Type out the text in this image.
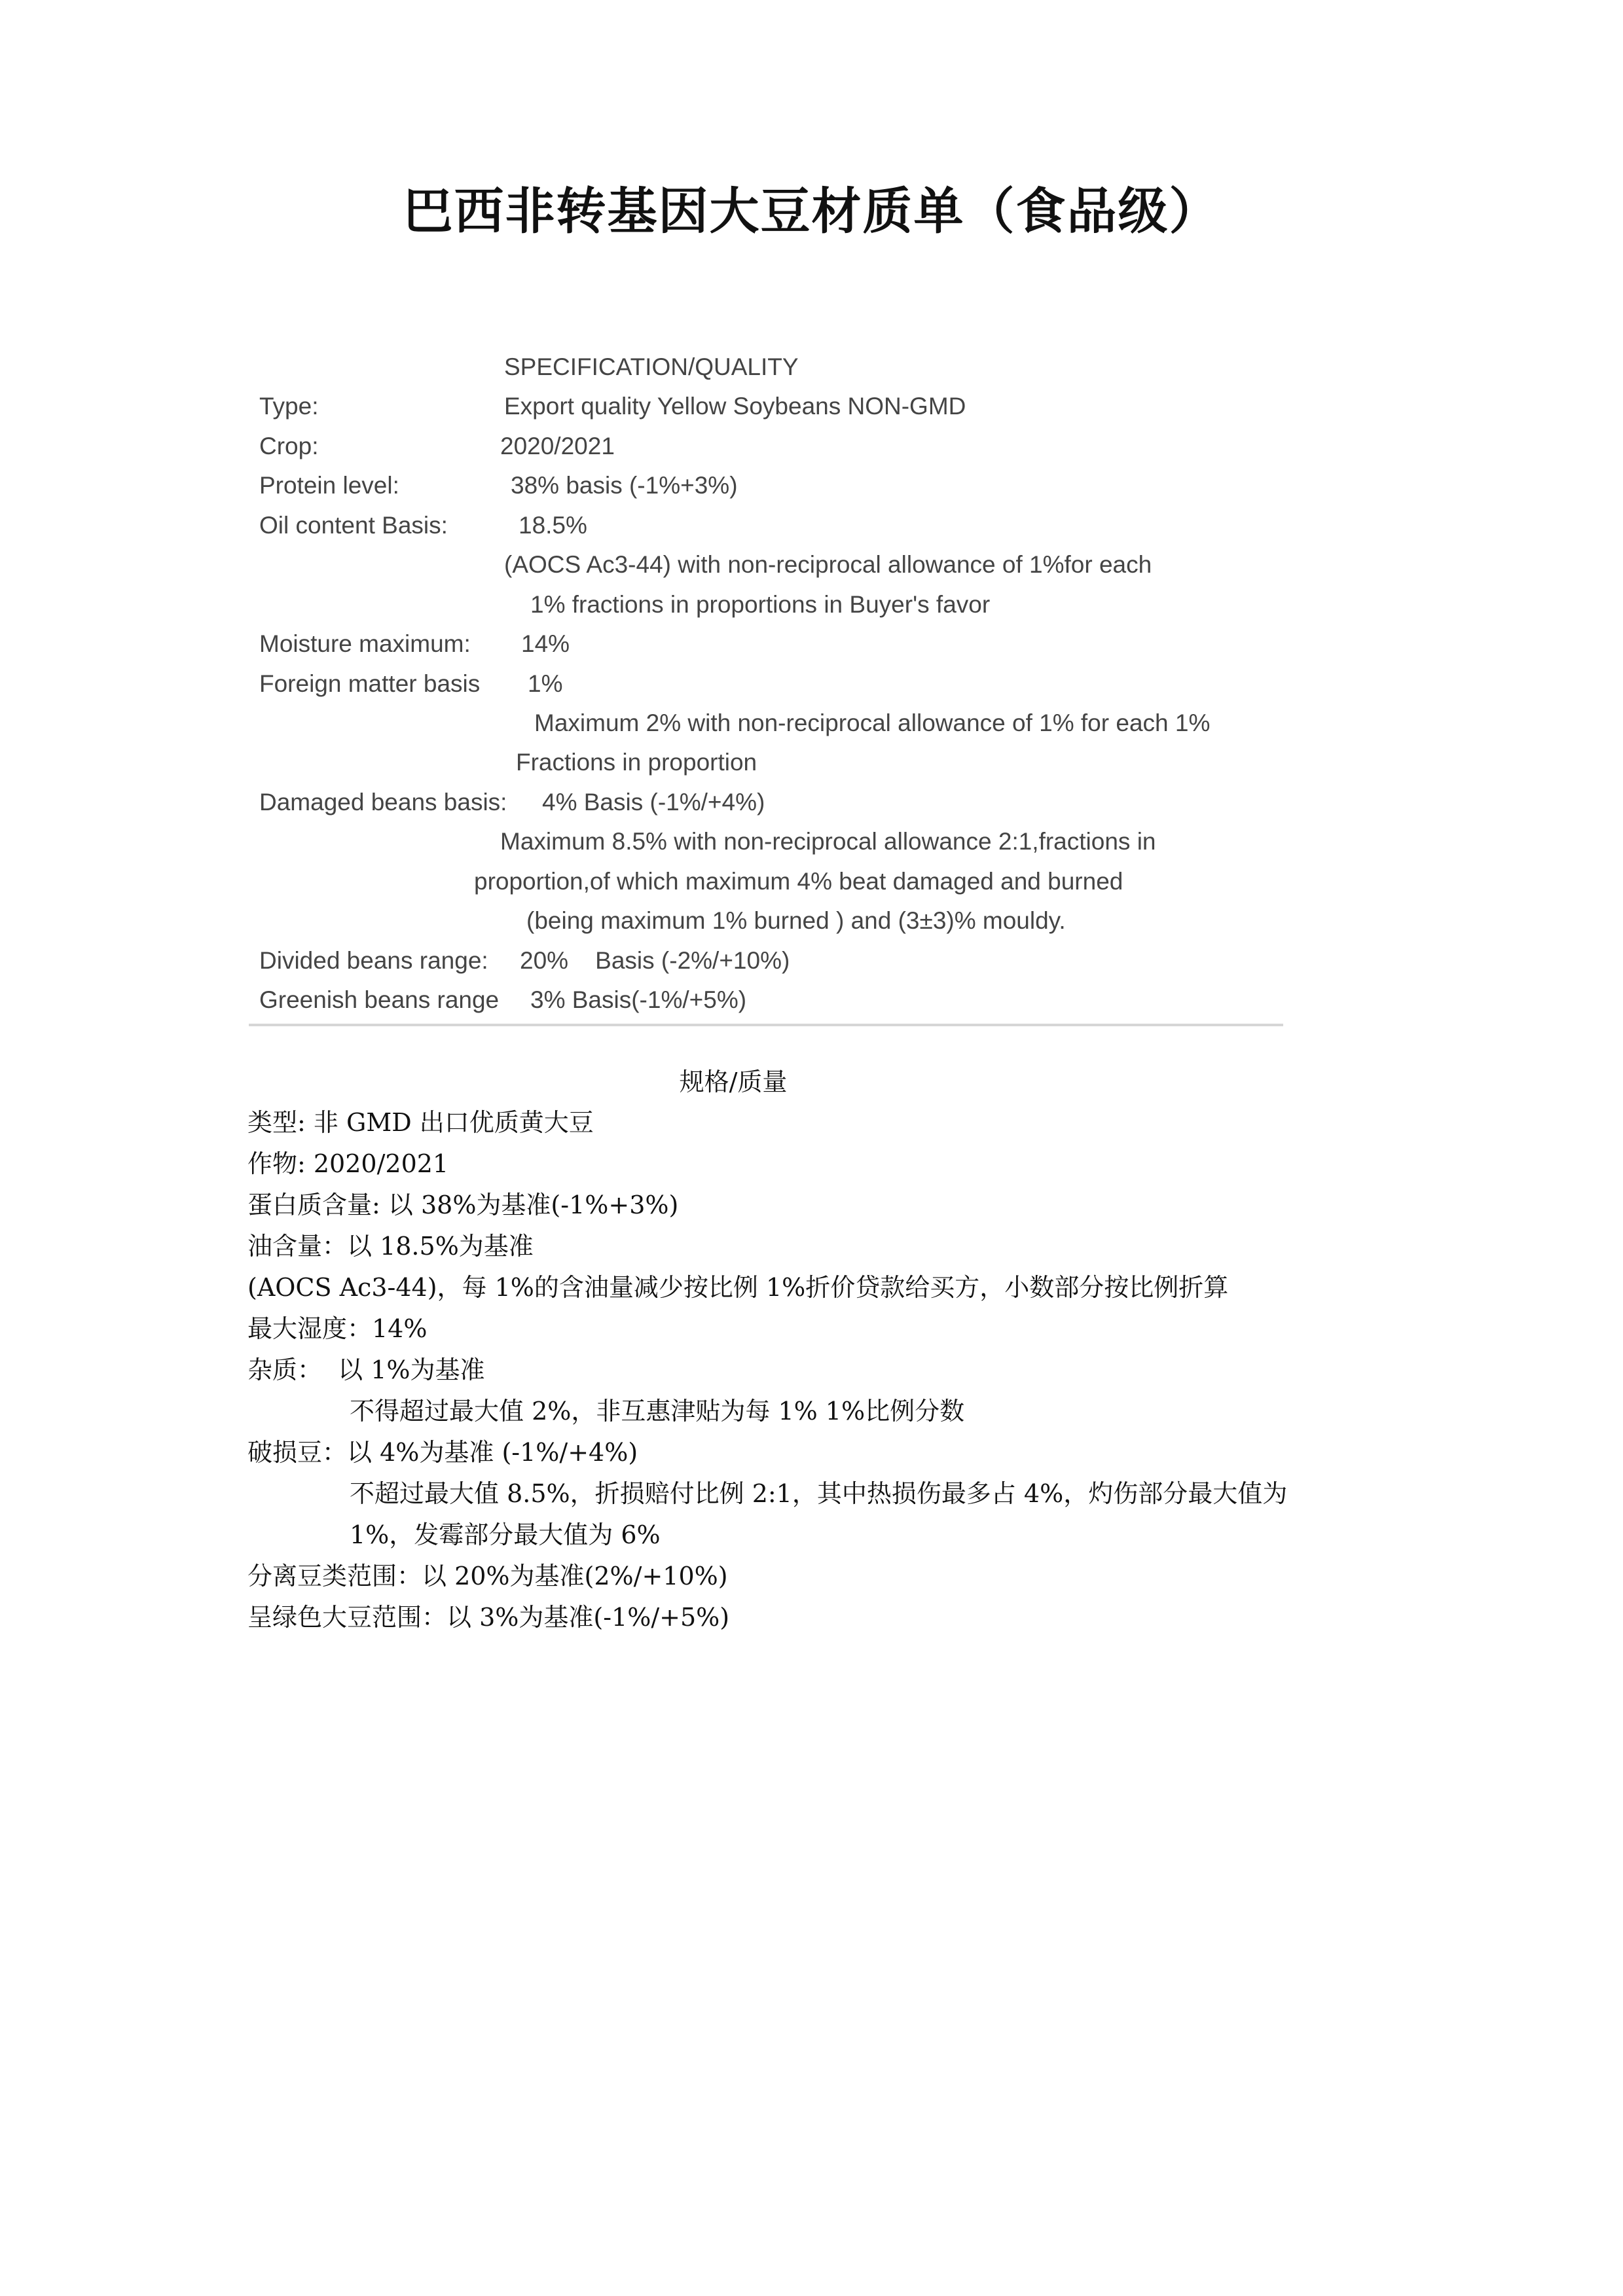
巴西非转基因大豆材质单（食品级）
SPECIFICATION/QUALITY
Type:	Export quality Yellow Soybeans NON-GMD
Crop:	2020/2021
Protein level:	38% basis (-1%+3%)
Oil content Basis:	18.5%
(AOCS Ac3-44) with non-reciprocal allowance of 1%for each
1% fractions in proportions in Buyer's favor
Moisture maximum: 14%
Foreign matter basis 1%
Maximum 2% with non-reciprocal allowance of 1% for each 1%
Fractions in proportion
Damaged beans basis: 4% Basis (-1%/+4%)
Maximum 8.5% with non-reciprocal allowance 2:1,fractions in
proportion,of which maximum 4% beat damaged and burned
(being maximum 1% burned ) and (3±3)% mouldy.
Divided beans range: 20%    Basis (-2%/+10%)
Greenish beans range 3% Basis(-1%/+5%)
规格/质量
类型: 非 GMD 出口优质黄大豆
作物: 2020/2021
蛋白质含量: 以 38%为基准(-1%+3%)
油含量：以 18.5%为基准
(AOCS Ac3-44)，每 1%的含油量减少按比例 1%折价贷款给买方，小数部分按比例折算
最大湿度：14%
杂质：  以 1%为基准
不得超过最大值 2%，非互惠津贴为每 1% 1%比例分数
破损豆：以 4%为基准 (-1%/+4%)
不超过最大值 8.5%，折损赔付比例 2:1，其中热损伤最多占 4%，灼伤部分最大值为
1%，发霉部分最大值为 6%
分离豆类范围：以 20%为基准(2%/+10%)
呈绿色大豆范围：以 3%为基准(-1%/+5%)
